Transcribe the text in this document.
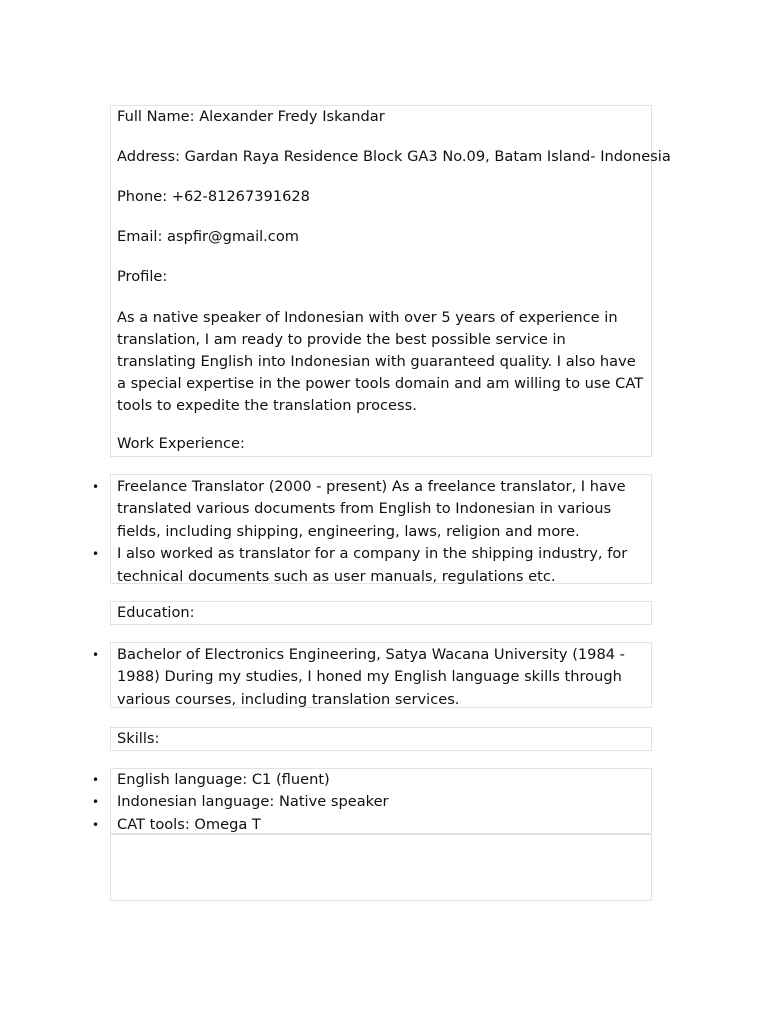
Full Name: Alexander Fredy Iskandar
Address: Gardan Raya Residence Block GA3 No.09, Batam Island- Indonesia
Phone: +62-81267391628
Email: aspfir@gmail.com
Profile:
As a native speaker of Indonesian with over 5 years of experience in translation, I am ready to provide the best possible service in translating English into Indonesian with guaranteed quality. I also have a special expertise in the power tools domain and am willing to use CAT tools to expedite the translation process.
Work Experience:
• Freelance Translator (2000 - present) As a freelance translator, I have translated various documents from English to Indonesian in various fields, including shipping, engineering, laws, religion and more.
• I also worked as translator for a company in the shipping industry, for technical documents such as user manuals, regulations etc.
Education:
• Bachelor of Electronics Engineering, Satya Wacana University (1984 - 1988) During my studies, I honed my English language skills through various courses, including translation services.
Skills:
• English language: C1 (fluent)
• Indonesian language: Native speaker
• CAT tools: Omega T
